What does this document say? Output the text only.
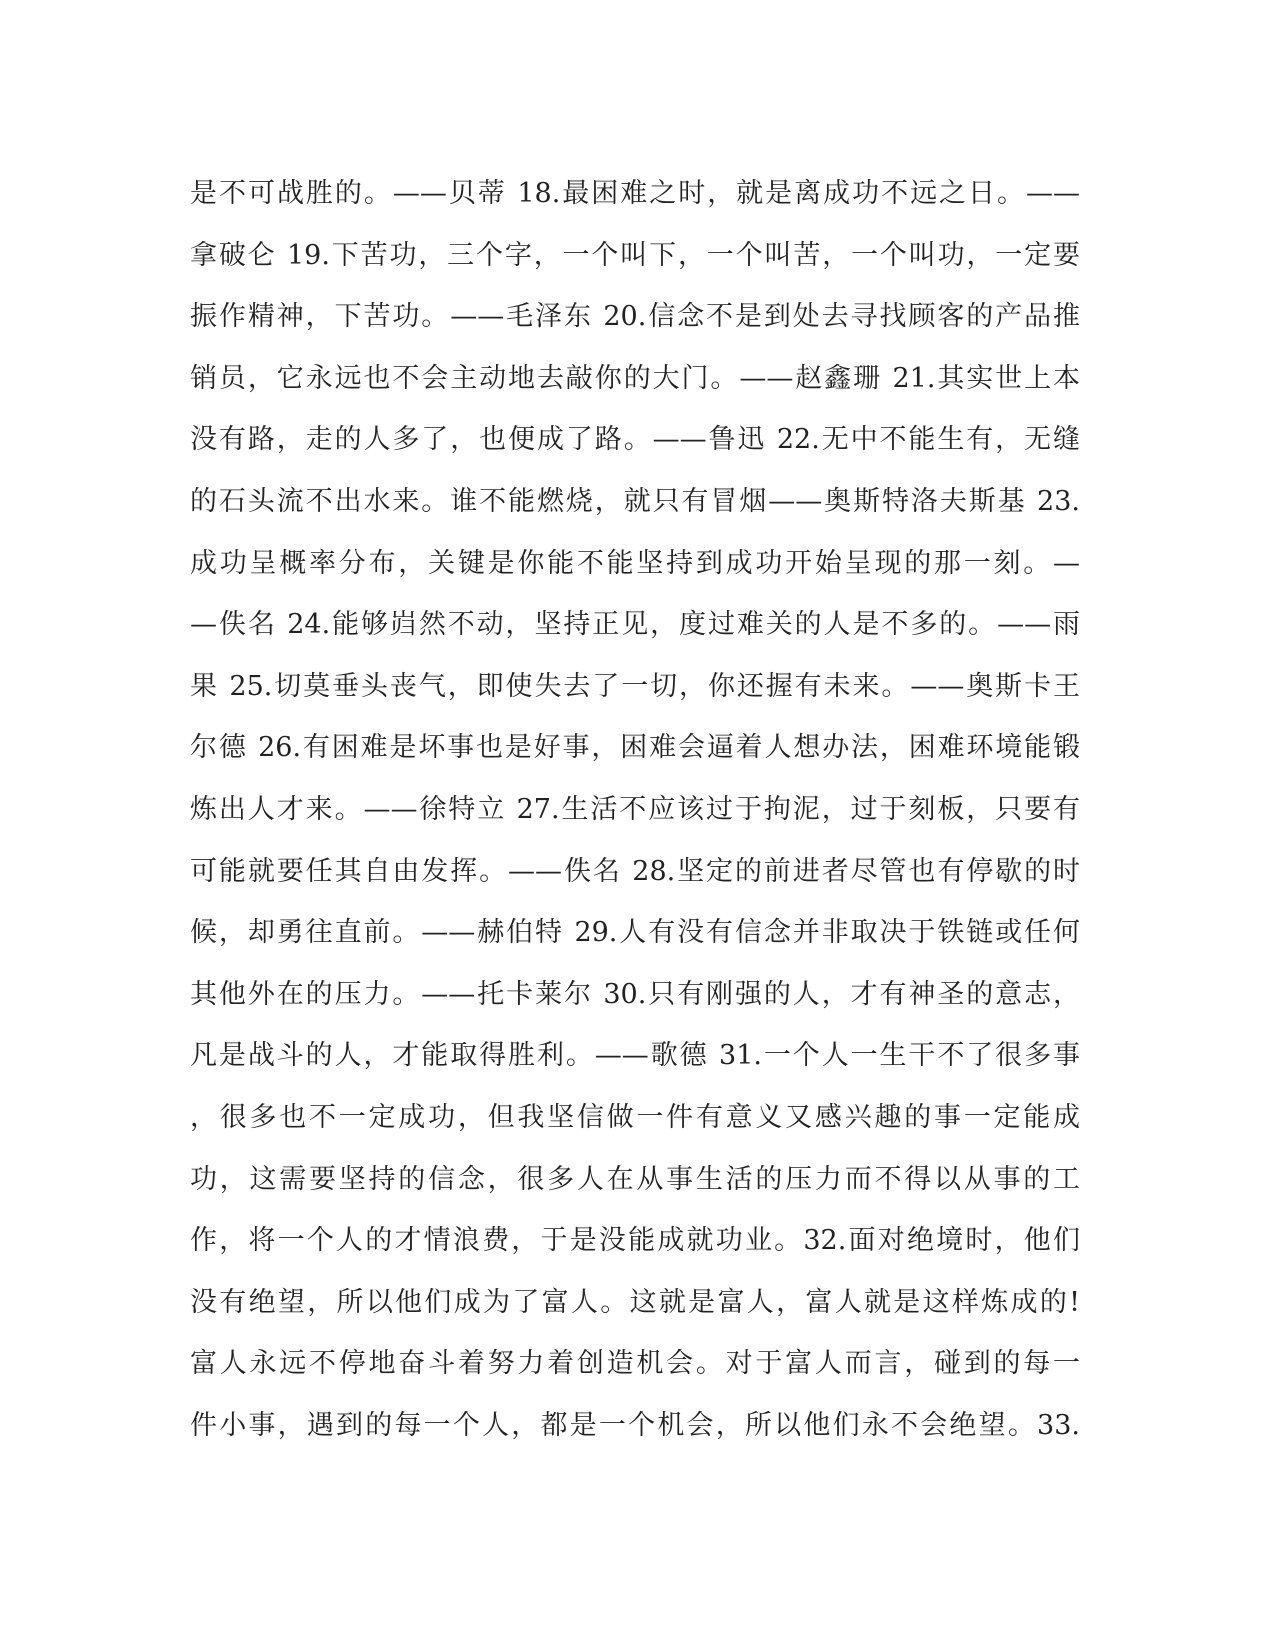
是不可战胜的。——贝蒂 18.最困难之时，就是离成功不远之日。——
拿破仑 19.下苦功，三个字，一个叫下，一个叫苦，一个叫功，一定要
振作精神，下苦功。——毛泽东 20.信念不是到处去寻找顾客的产品推
销员，它永远也不会主动地去敲你的大门。——赵鑫珊 21.其实世上本
没有路，走的人多了，也便成了路。——鲁迅 22.无中不能生有，无缝
的石头流不出水来。谁不能燃烧，就只有冒烟——奥斯特洛夫斯基 23.
成功呈概率分布，关键是你能不能坚持到成功开始呈现的那一刻。—
—佚名 24.能够岿然不动，坚持正见，度过难关的人是不多的。——雨
果 25.切莫垂头丧气，即使失去了一切，你还握有未来。——奥斯卡王
尔德 26.有困难是坏事也是好事，困难会逼着人想办法，困难环境能锻
炼出人才来。——徐特立 27.生活不应该过于拘泥，过于刻板，只要有
可能就要任其自由发挥。——佚名 28.坚定的前进者尽管也有停歇的时
候，却勇往直前。——赫伯特 29.人有没有信念并非取决于铁链或任何
其他外在的压力。——托卡莱尔 30.只有刚强的人，才有神圣的意志，
凡是战斗的人，才能取得胜利。——歌德 31.一个人一生干不了很多事
，很多也不一定成功，但我坚信做一件有意义又感兴趣的事一定能成
功，这需要坚持的信念，很多人在从事生活的压力而不得以从事的工
作，将一个人的才情浪费，于是没能成就功业。32.面对绝境时，他们
没有绝望，所以他们成为了富人。这就是富人，富人就是这样炼成的!
富人永远不停地奋斗着努力着创造机会。对于富人而言，碰到的每一
件小事，遇到的每一个人，都是一个机会，所以他们永不会绝望。33.
